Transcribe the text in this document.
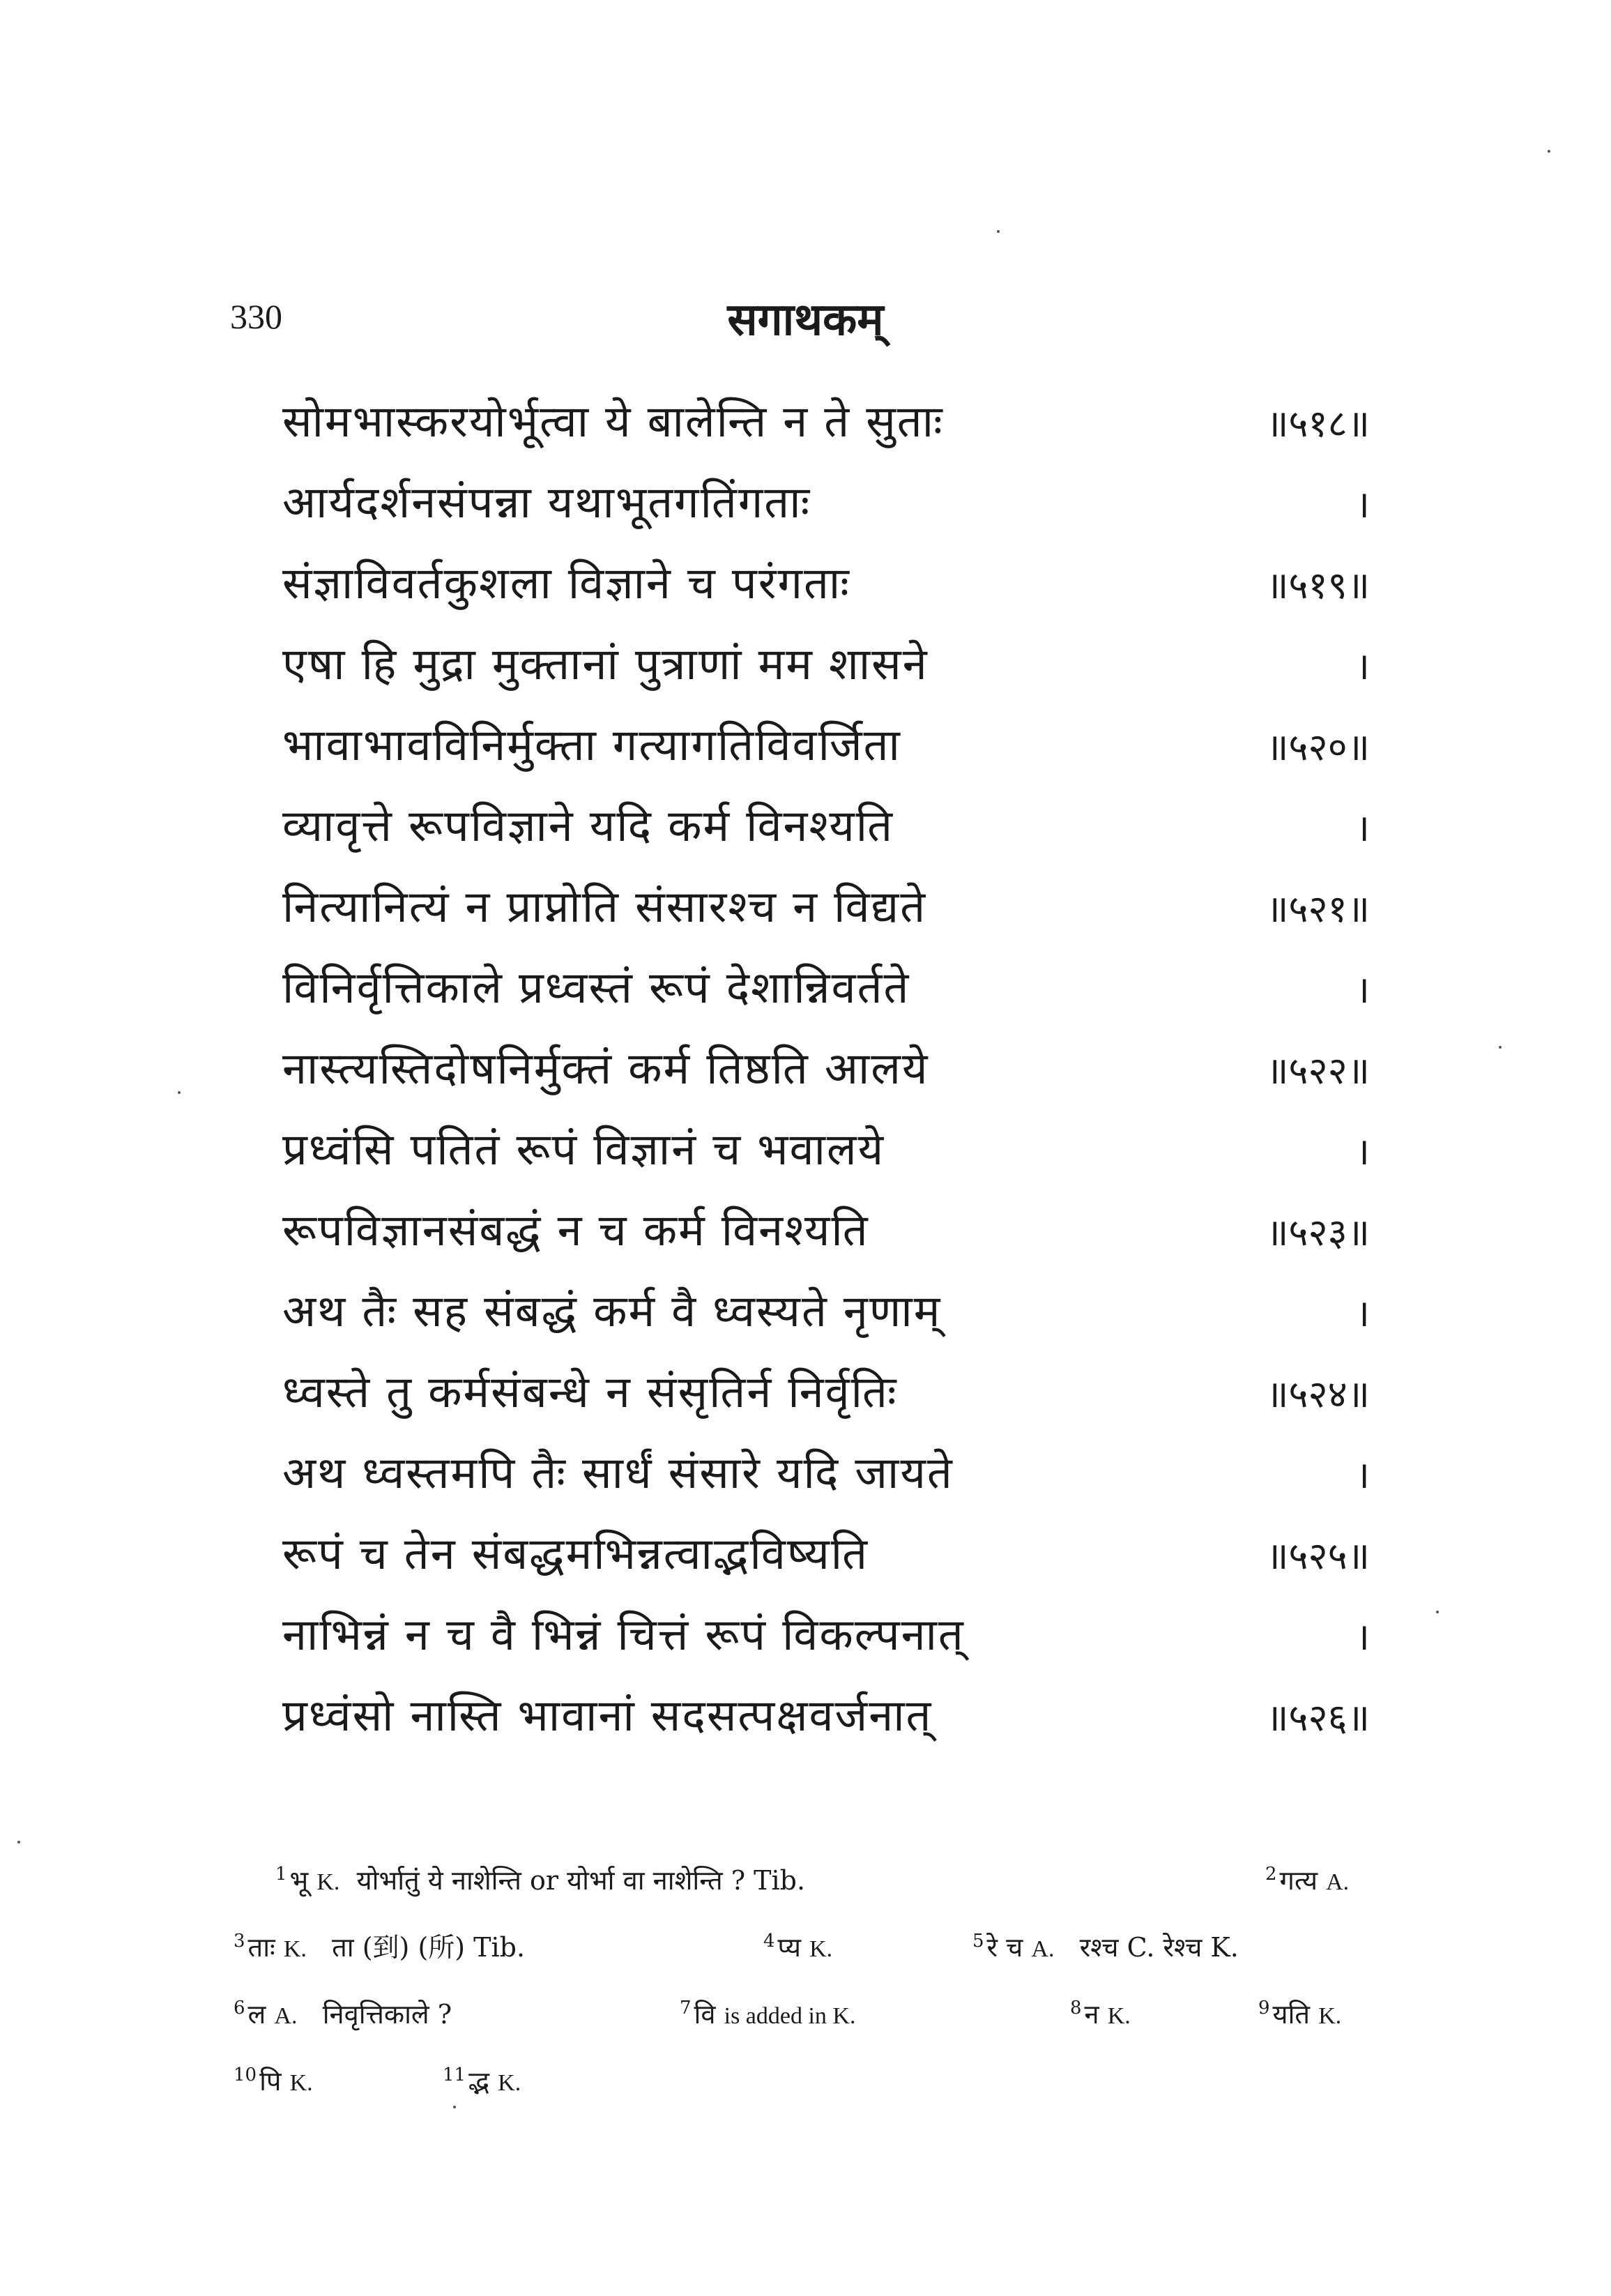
330	सगाथकम्
सोमभास्करयोर्भूत्वा ये बालेन्ति न ते सुताः	॥५१८॥
आर्यदर्शनसंपन्ना यथाभूतगतिंगताः	।
संज्ञाविवर्तकुशला विज्ञाने च परंगताः	॥५१९॥
एषा हि मुद्रा मुक्तानां पुत्राणां मम शासने	।
भावाभावविनिर्मुक्ता गत्यागतिविवर्जिता	॥५२०॥
व्यावृत्ते रूपविज्ञाने यदि कर्म विनश्यति	।
नित्यानित्यं न प्राप्नोति संसारश्च न विद्यते	॥५२१॥
विनिर्वृत्तिकाले प्रध्वस्तं रूपं देशान्निवर्तते	।
नास्त्यस्तिदोषनिर्मुक्तं कर्म तिष्ठति आलये	॥५२२॥
प्रध्वंसि पतितं रूपं विज्ञानं च भवालये	।
रूपविज्ञानसंबद्धं न च कर्म विनश्यति	॥५२३॥
अथ तैः सह संबद्धं कर्म वै ध्वस्यते नृणाम्	।
ध्वस्ते तु कर्मसंबन्धे न संसृतिर्न निर्वृतिः	॥५२४॥
अथ ध्वस्तमपि तैः सार्धं संसारे यदि जायते	।
रूपं च तेन संबद्धमभिन्नत्वाद्भविष्यति	॥५२५॥
नाभिन्नं न च वै भिन्नं चित्तं रूपं विकल्पनात्	।
प्रध्वंसो नास्ति भावानां सदसत्पक्षवर्जनात्	॥५२६॥
$^1$ भू K. योर्भातुं ये नाशेन्ति or योर्भा वा नाशेन्ति ? Tib.	$^2$ गत्य A.
$^3$ ताः K. ता (到) (所) Tib.	$^4$ प्य K.	$^5$ रे च A. रश्च C. रेश्च K.
$^6$ ल A. निवृत्तिकाले ?	$^7$ वि is added in K.	$^8$ न K.	$^9$ यति K.
$^{10}$ पि K.	$^{11}$ द्भ K.
